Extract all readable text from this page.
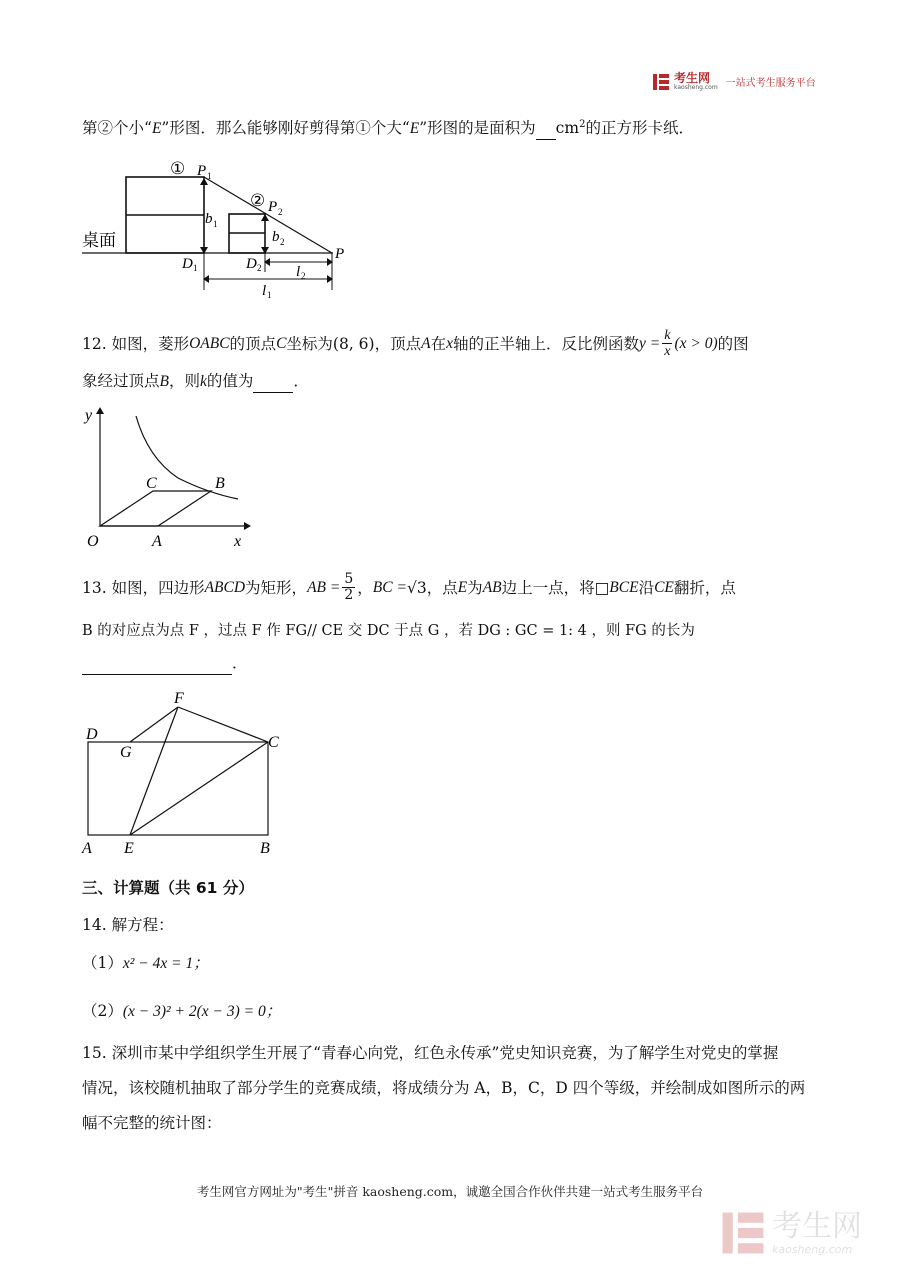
考生网
kaosheng.com 一站式考生服务平台
第②个小“E”形图．那么能够刚好剪得第①个大“E”形图的是面积为 $cm^2$的正方形卡纸．
①
②
P 1
P 2
P
b 1
b 2
D 1	D 2 l 2
l 1
桌面
12. 如图，菱形 OABC 的顶点 C 坐标为 (8, 6) ，顶点 A 在 x 轴的正半轴上．反比例函数 $y = \frac{k}{x} (x > 0)$ 的图
象经过顶点B，则k的值为	．
y
x
O	A
B
C
13. 如图，四边形 ABCD 为矩形， AB = $\frac{5}{2}$ ， BC = √3 ，点 E 为 AB 边上一点，将 □ BCE 沿 CE 翻折，点
B 的对应点为点 F ，过点 F 作 FG// CE 交 DC 于点 G ，若 DG : GC = 1: 4 ，则 FG 的长为
．
F
D
G
C
A E	B
三、计算题（共 61 分）
14. 解方程：
（1）x² − 4x = 1；
（2）(x − 3)² + 2(x − 3) = 0；
15. 深圳市某中学组织学生开展了“青春心向党，红色永传承”党史知识竞赛，为了解学生对党史的掌握
情况，该校随机抽取了部分学生的竞赛成绩，将成绩分为 A，B，C，D 四个等级，并绘制成如图所示的两
幅不完整的统计图：
考生网官方网址为"考生"拼音 kaosheng.com，诚邀全国合作伙伴共建一站式考生服务平台
考生网
kaosheng.com
